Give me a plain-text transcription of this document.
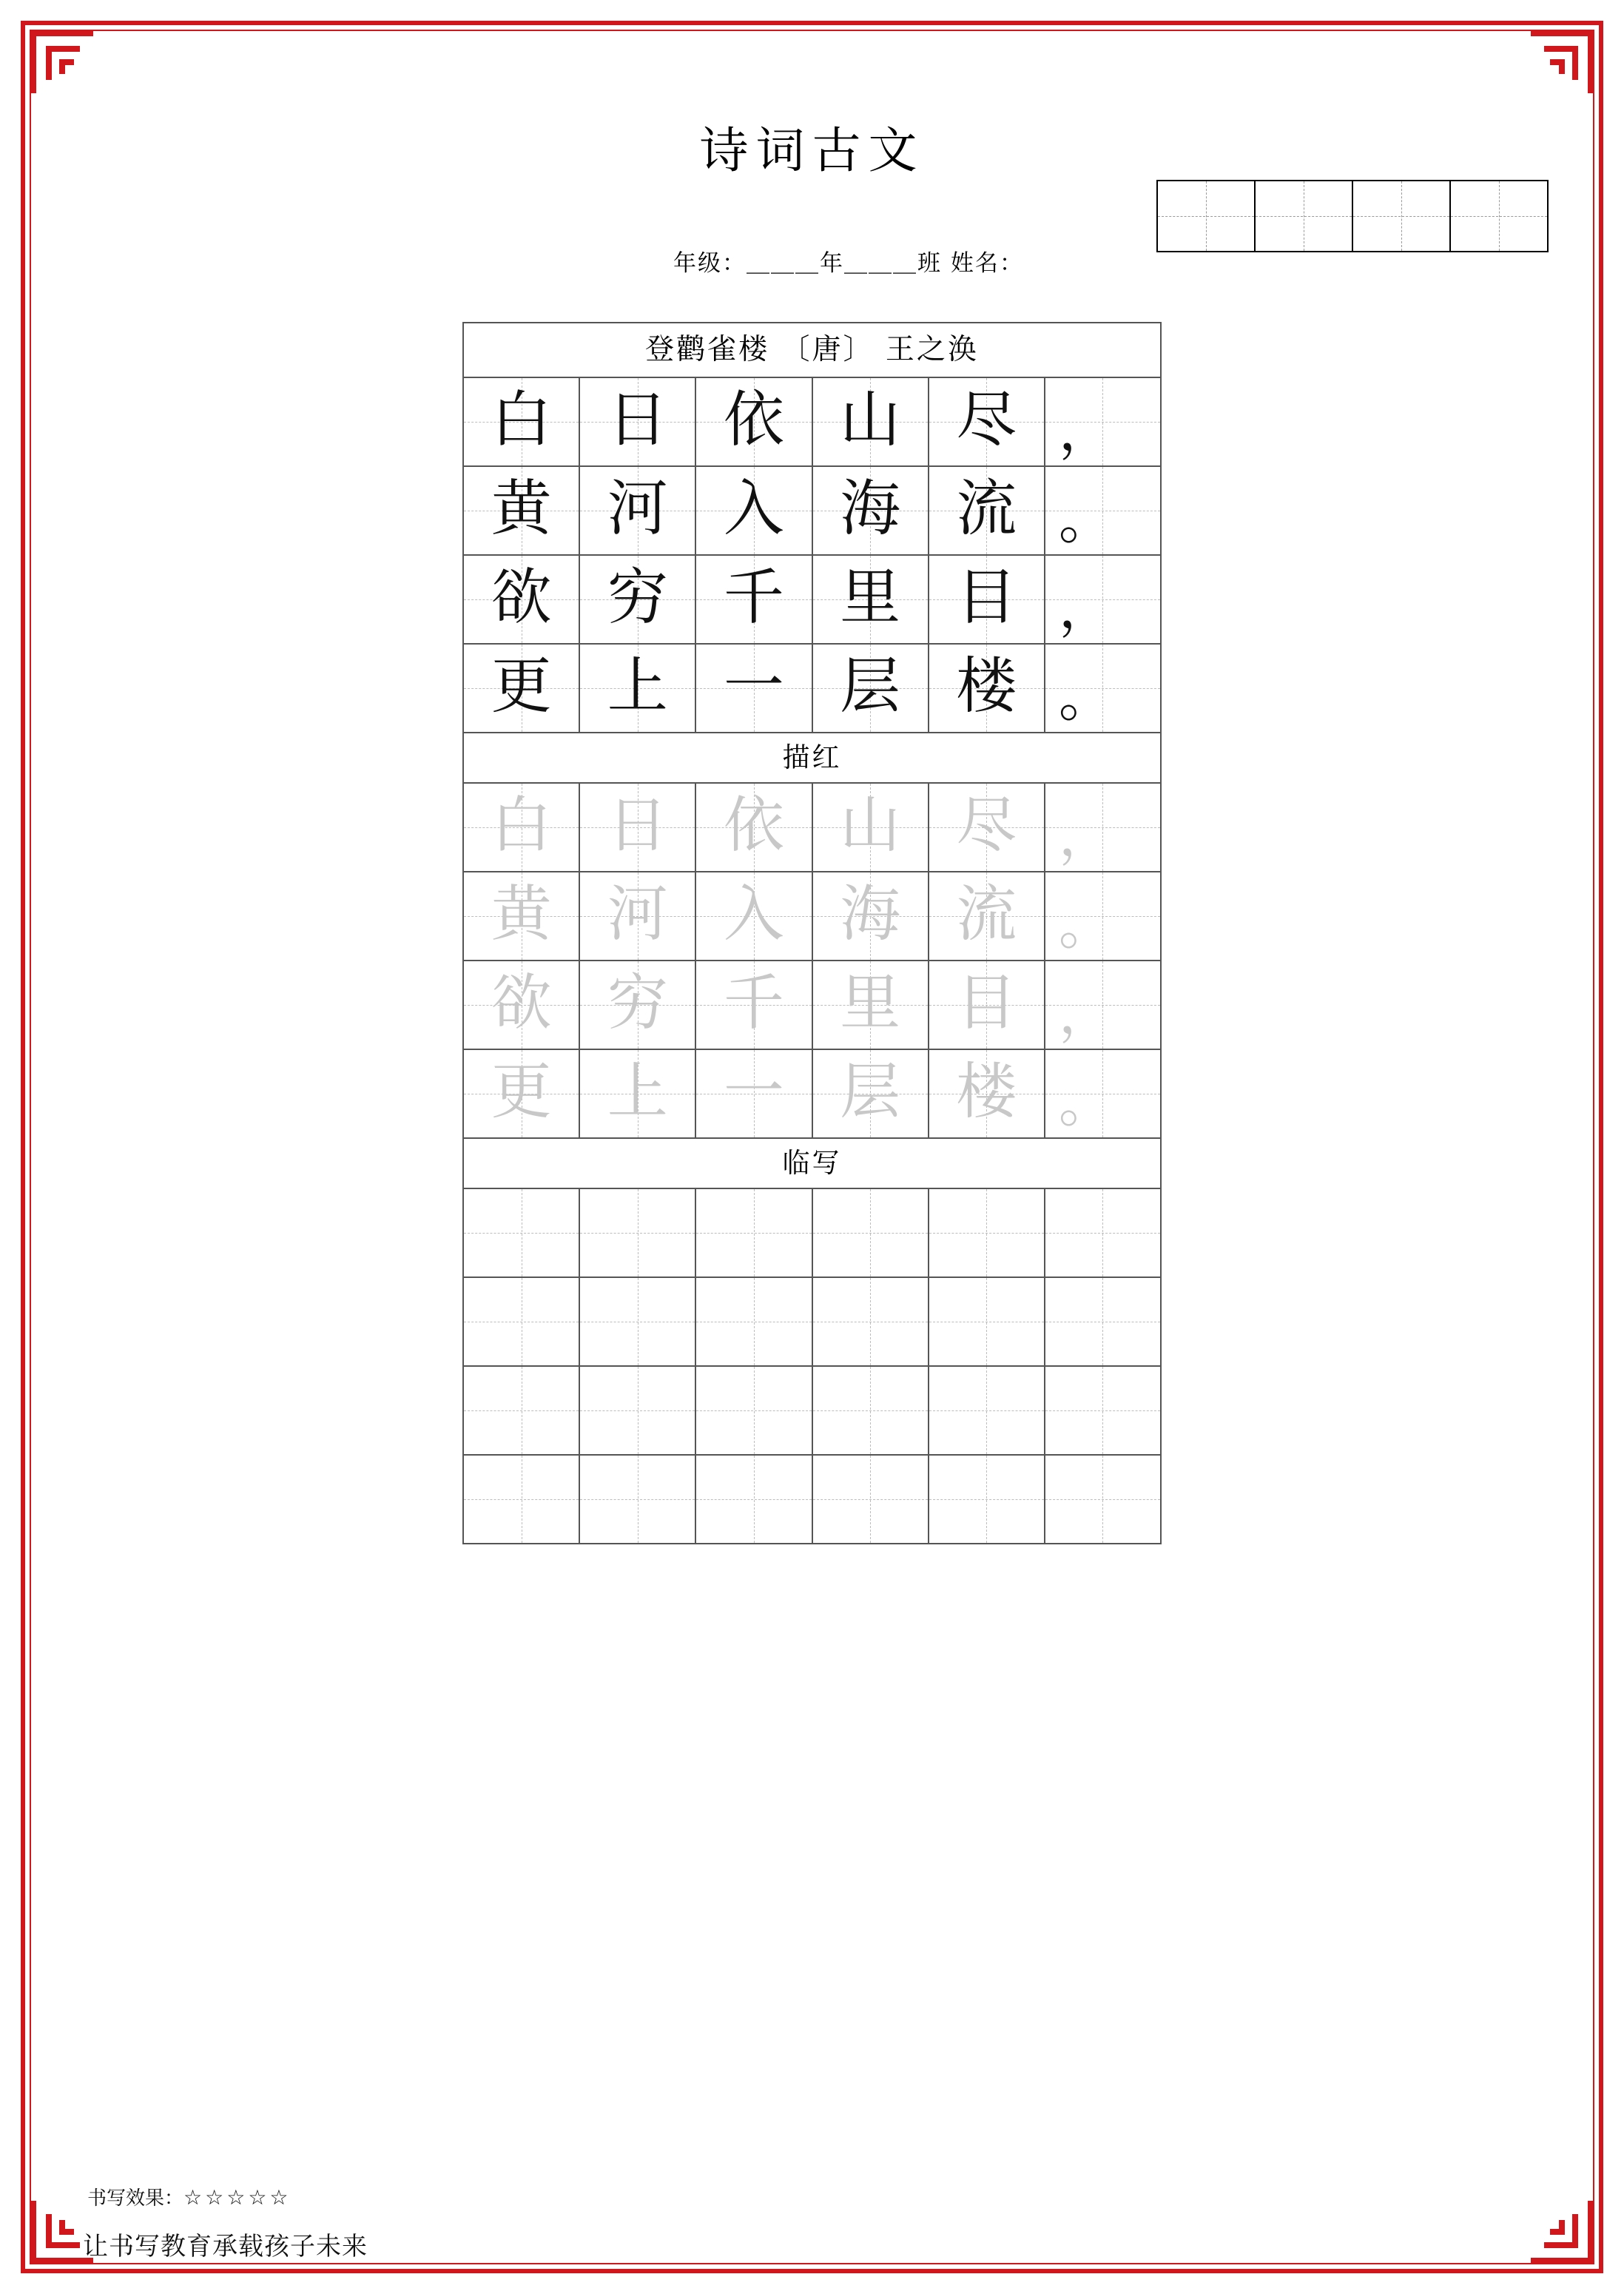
诗词古文
年级：＿＿＿年＿＿＿班 姓名：
登鹳雀楼 〔唐〕 王之涣
白 日 依 山 尽 ，
黄 河 入 海 流 。
欲 穷 千 里 目 ，
更 上 一 层 楼 。
描红
白 日 依 山 尽 ，
黄 河 入 海 流 。
欲 穷 千 里 目 ，
更 上 一 层 楼 。
临写
书写效果：☆☆☆☆☆
让书写教育承载孩子未来
